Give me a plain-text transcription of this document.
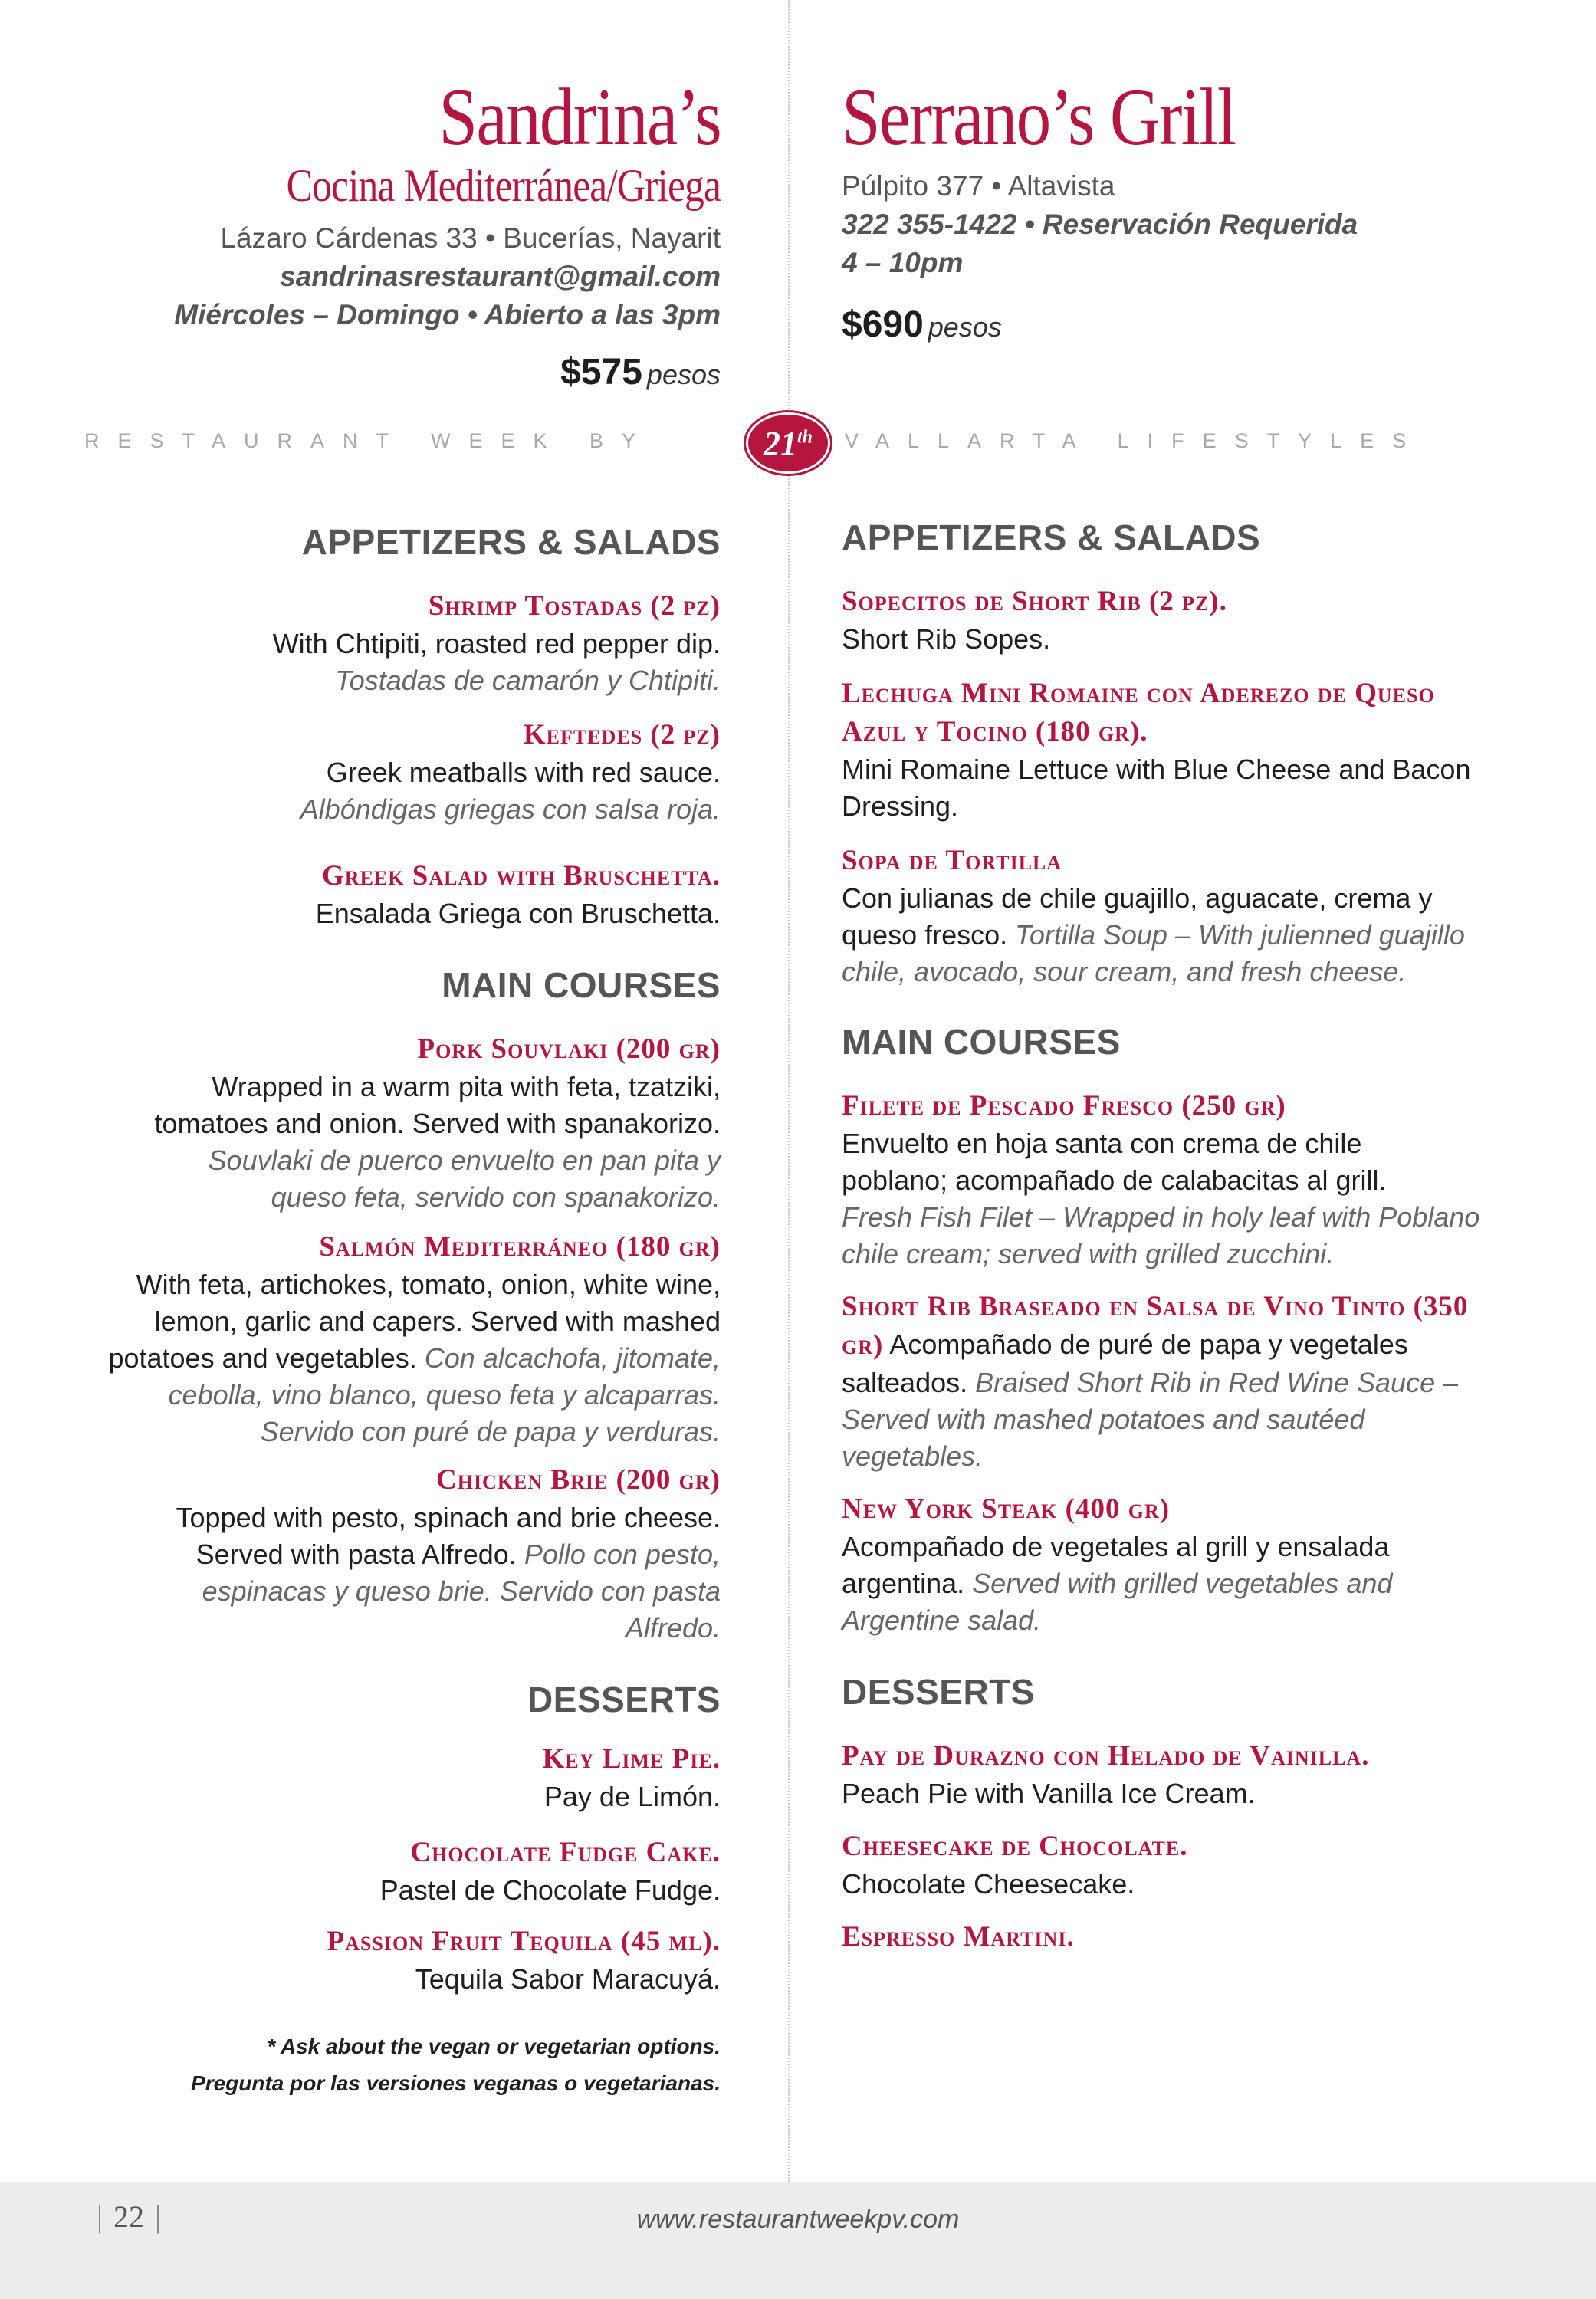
Sandrina’s
Cocina Mediterránea/Griega
Lázaro Cárdenas 33 • Bucerías, Nayarit
sandrinasrestaurant@gmail.com
Miércoles – Domingo • Abierto a las 3pm
$575 pesos
Serrano’s Grill
Púlpito 377 • Altavista
322 355-1422 • Reservación Requerida
4 – 10pm
$690 pesos
RESTAURANT WEEK BY	21th	VALLARTA LIFESTYLES
APPETIZERS & SALADS
Shrimp Tostadas (2 pz)
With Chtipiti, roasted red pepper dip.
Tostadas de camarón y Chtipiti.
Keftedes (2 pz)
Greek meatballs with red sauce.
Albóndigas griegas con salsa roja.
Greek Salad with Bruschetta.
Ensalada Griega con Bruschetta.
MAIN COURSES
Pork Souvlaki (200 gr)
Wrapped in a warm pita with feta, tzatziki, tomatoes and onion. Served with spanakorizo.
Souvlaki de puerco envuelto en pan pita y queso feta, servido con spanakorizo.
Salmón Mediterráneo (180 gr)
With feta, artichokes, tomato, onion, white wine, lemon, garlic and capers. Served with mashed potatoes and vegetables. Con alcachofa, jitomate, cebolla, vino blanco, queso feta y alcaparras. Servido con puré de papa y verduras.
Chicken Brie (200 gr)
Topped with pesto, spinach and brie cheese. Served with pasta Alfredo. Pollo con pesto, espinacas y queso brie. Servido con pasta Alfredo.
DESSERTS
Key Lime Pie.
Pay de Limón.
Chocolate Fudge Cake.
Pastel de Chocolate Fudge.
Passion Fruit Tequila (45 ml).
Tequila Sabor Maracuyá.
* Ask about the vegan or vegetarian options.
Pregunta por las versiones veganas o vegetarianas.
APPETIZERS & SALADS
Sopecitos de Short Rib (2 pz).
Short Rib Sopes.
Lechuga Mini Romaine con Aderezo de Queso Azul y Tocino (180 gr).
Mini Romaine Lettuce with Blue Cheese and Bacon Dressing.
Sopa de Tortilla
Con julianas de chile guajillo, aguacate, crema y queso fresco. Tortilla Soup – With julienned guajillo chile, avocado, sour cream, and fresh cheese.
MAIN COURSES
Filete de Pescado Fresco (250 gr)
Envuelto en hoja santa con crema de chile poblano; acompañado de calabacitas al grill.
Fresh Fish Filet – Wrapped in holy leaf with Poblano chile cream; served with grilled zucchini.
Short Rib Braseado en Salsa de Vino Tinto (350 gr) Acompañado de puré de papa y vegetales salteados. Braised Short Rib in Red Wine Sauce – Served with mashed potatoes and sautéed vegetables.
New York Steak (400 gr)
Acompañado de vegetales al grill y ensalada argentina. Served with grilled vegetables and Argentine salad.
DESSERTS
Pay de Durazno con Helado de Vainilla.
Peach Pie with Vanilla Ice Cream.
Cheesecake de Chocolate.
Chocolate Cheesecake.
Espresso Martini.
| 22 |	www.restaurantweekpv.com
